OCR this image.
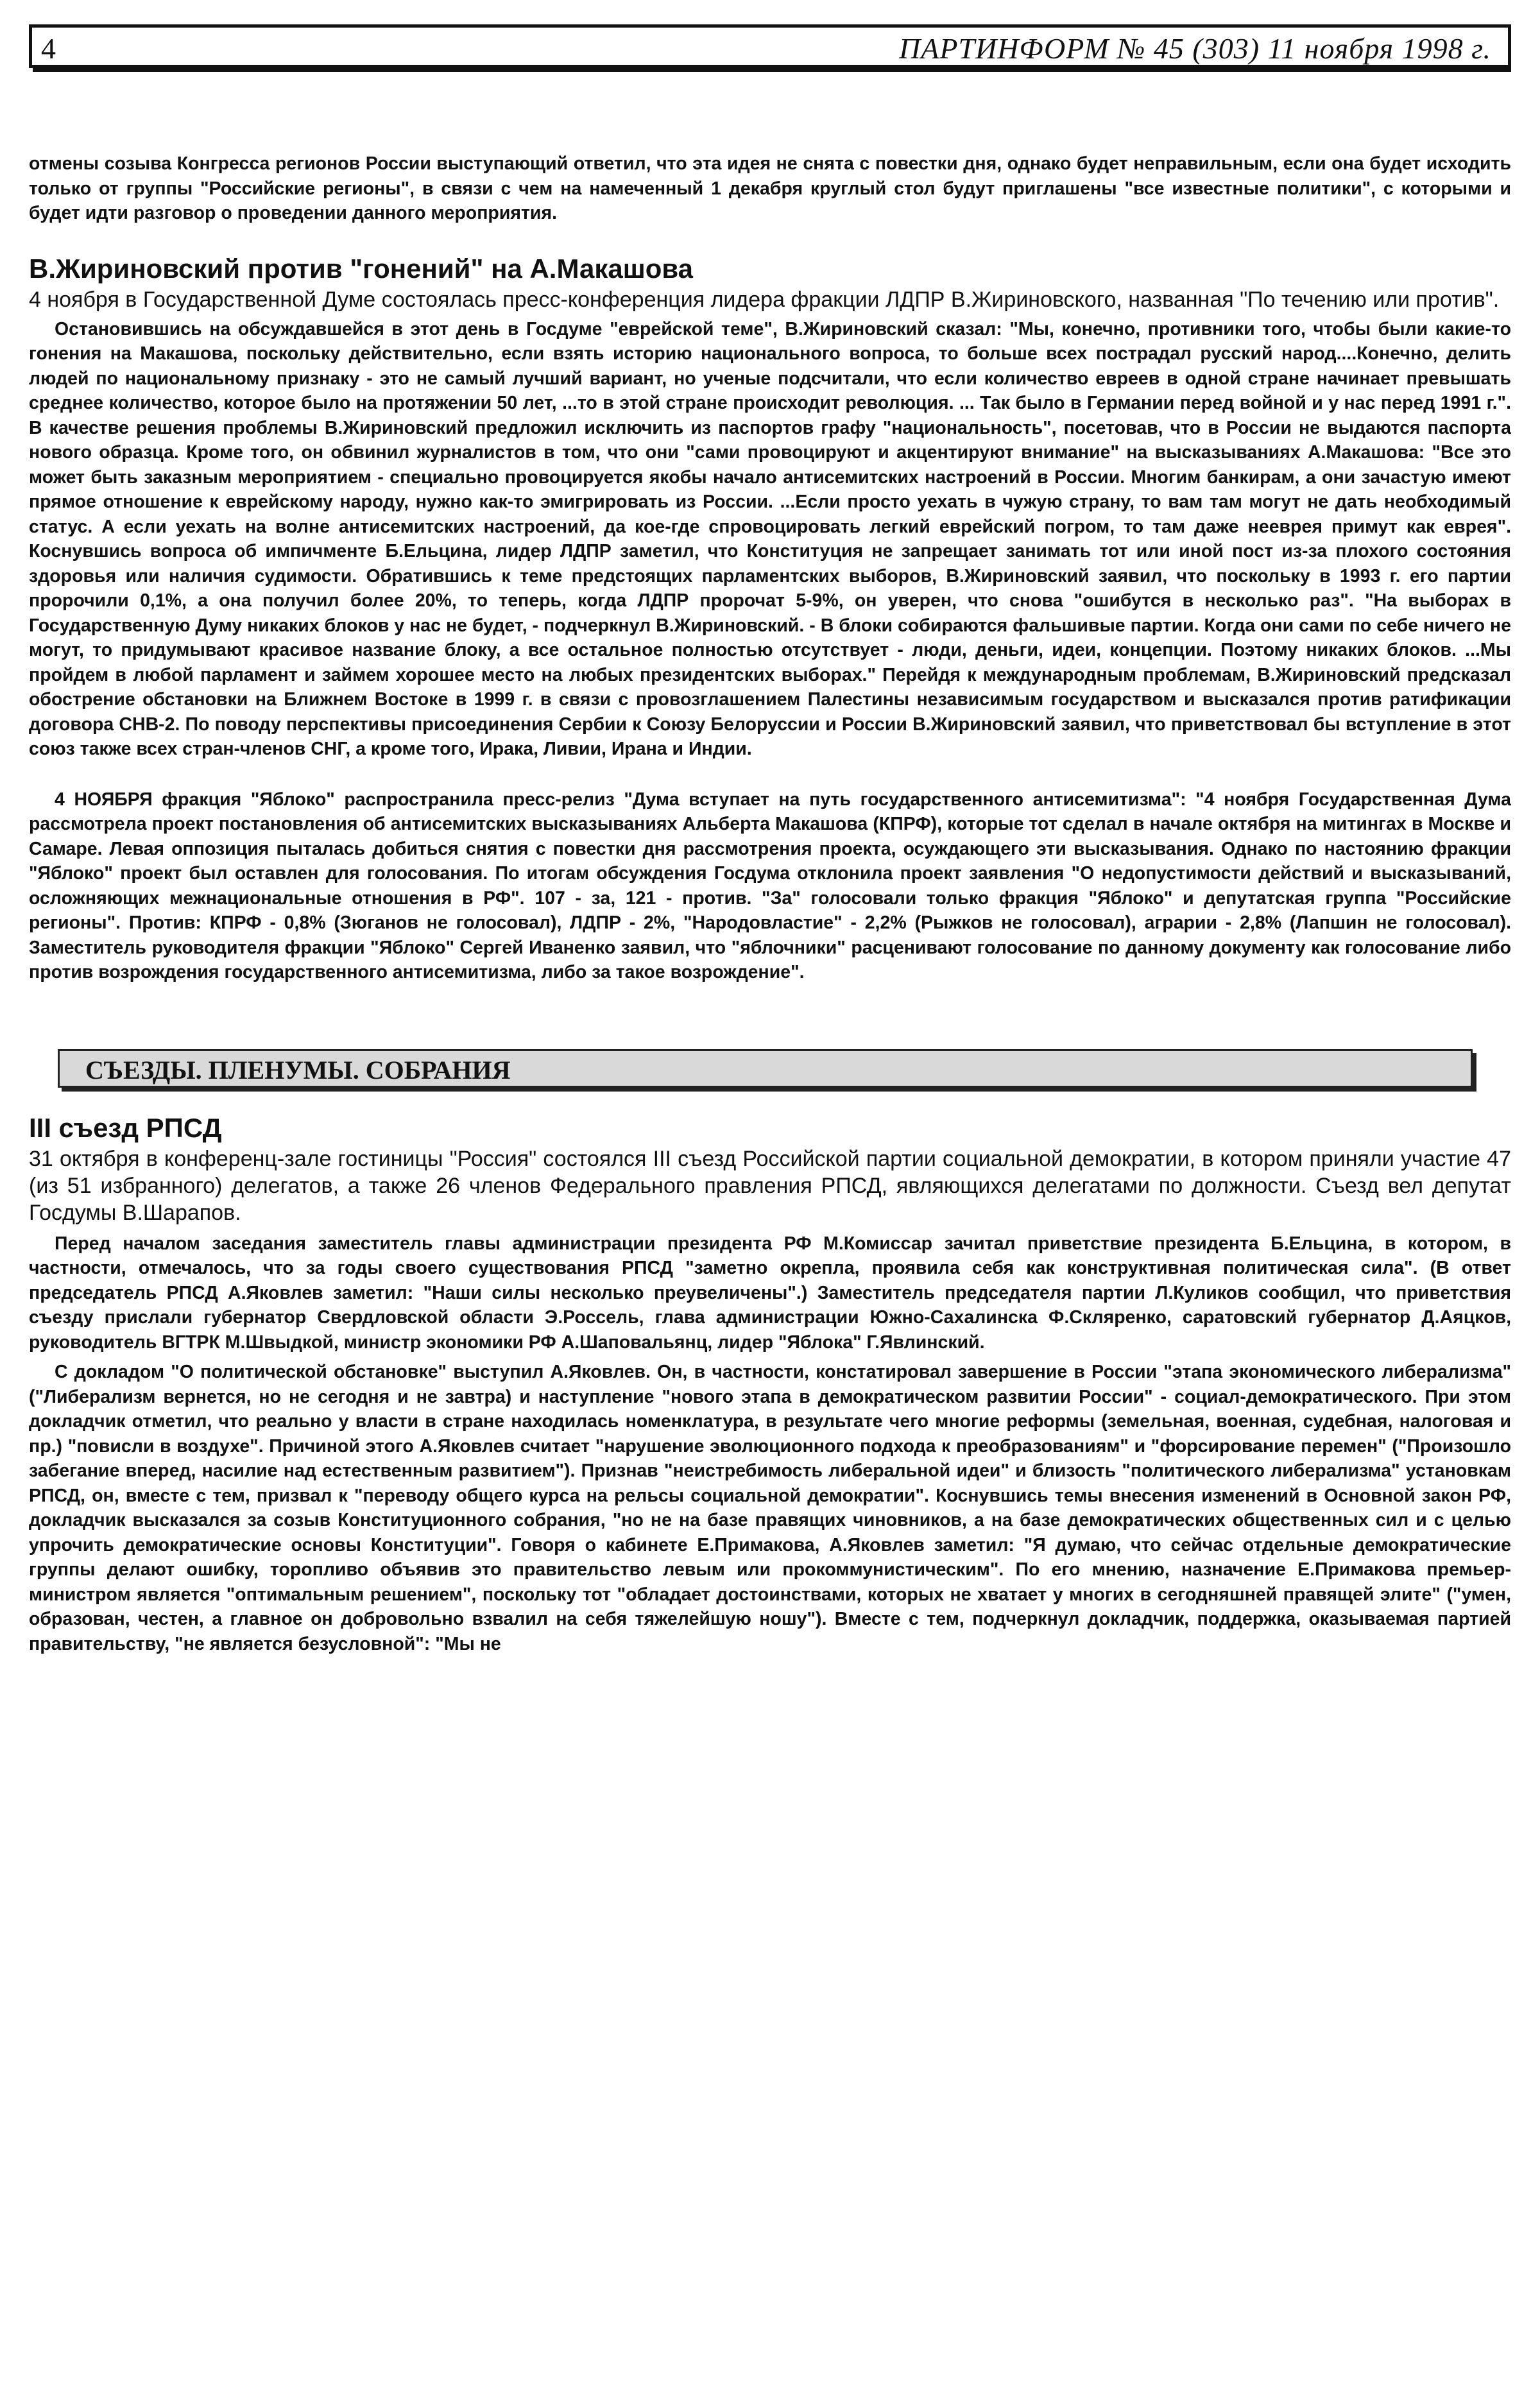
4	ПАРТИНФОРМ № 45 (303) 11 ноября 1998 г.

отмены созыва Конгресса регионов России выступающий ответил, что эта идея не снята с повестки дня, однако будет неправильным, если она будет исходить только от группы "Российские регионы", в связи с чем на намеченный 1 декабря круглый стол будут приглашены "все известные политики", с которыми и будет идти разговор о проведении данного мероприятия.

В.Жириновский против "гонений" на А.Макашова

4 ноября в Государственной Думе состоялась пресс-конференция лидера фракции ЛДПР В.Жириновского, названная "По течению или против".

Остановившись на обсуждавшейся в этот день в Госдуме "еврейской теме", В.Жириновский сказал: "Мы, конечно, противники того, чтобы были какие-то гонения на Макашова, поскольку действительно, если взять историю национального вопроса, то больше всех пострадал русский народ....Конечно, делить людей по национальному признаку - это не самый лучший вариант, но ученые подсчитали, что если количество евреев в одной стране начинает превышать среднее количество, которое было на протяжении 50 лет, ...то в этой стране происходит революция. ... Так было в Германии перед войной и у нас перед 1991 г.". В качестве решения проблемы В.Жириновский предложил исключить из паспортов графу "национальность", посетовав, что в России не выдаются паспорта нового образца. Кроме того, он обвинил журналистов в том, что они "сами провоцируют и акцентируют внимание" на высказываниях А.Макашова: "Все это может быть заказным мероприятием - специально провоцируется якобы начало антисемитских настроений в России. Многим банкирам, а они зачастую имеют прямое отношение к еврейскому народу, нужно как-то эмигрировать из России. ...Если просто уехать в чужую страну, то вам там могут не дать необходимый статус. А если уехать на волне антисемитских настроений, да кое-где спровоцировать легкий еврейский погром, то там даже нееврея примут как еврея". Коснувшись вопроса об импичменте Б.Ельцина, лидер ЛДПР заметил, что Конституция не запрещает занимать тот или иной пост из-за плохого состояния здоровья или наличия судимости. Обратившись к теме предстоящих парламентских выборов, В.Жириновский заявил, что поскольку в 1993 г. его партии пророчили 0,1%, а она получил более 20%, то теперь, когда ЛДПР пророчат 5-9%, он уверен, что снова "ошибутся в несколько раз". "На выборах в Государственную Думу никаких блоков у нас не будет, - подчеркнул В.Жириновский. - В блоки собираются фальшивые партии. Когда они сами по себе ничего не могут, то придумывают красивое название блоку, а все остальное полностью отсутствует - люди, деньги, идеи, концепции. Поэтому никаких блоков. ...Мы пройдем в любой парламент и займем хорошее место на любых президентских выборах." Перейдя к международным проблемам, В.Жириновский предсказал обострение обстановки на Ближнем Востоке в 1999 г. в связи с провозглашением Палестины независимым государством и высказался против ратификации договора СНВ-2. По поводу перспективы присоединения Сербии к Союзу Белоруссии и России В.Жириновский заявил, что приветствовал бы вступление в этот союз также всех стран-членов СНГ, а кроме того, Ирака, Ливии, Ирана и Индии.

4 НОЯБРЯ фракция "Яблоко" распространила пресс-релиз "Дума вступает на путь государственного антисемитизма": "4 ноября Государственная Дума рассмотрела проект постановления об антисемитских высказываниях Альберта Макашова (КПРФ), которые тот сделал в начале октября на митингах в Москве и Самаре. Левая оппозиция пыталась добиться снятия с повестки дня рассмотрения проекта, осуждающего эти высказывания. Однако по настоянию фракции "Яблоко" проект был оставлен для голосования. По итогам обсуждения Госдума отклонила проект заявления "О недопустимости действий и высказываний, осложняющих межнациональные отношения в РФ". 107 - за, 121 - против. "За" голосовали только фракция "Яблоко" и депутатская группа "Российские регионы". Против: КПРФ - 0,8% (Зюганов не голосовал), ЛДПР - 2%, "Народовластие" - 2,2% (Рыжков не голосовал), аграрии - 2,8% (Лапшин не голосовал). Заместитель руководителя фракции "Яблоко" Сергей Иваненко заявил, что "яблочники" расценивают голосование по данному документу как голосование либо против возрождения государственного антисемитизма, либо за такое возрождение".

СЪЕЗДЫ. ПЛЕНУМЫ. СОБРАНИЯ
III съезд РПСД

31 октября в конференц-зале гостиницы "Россия" состоялся III съезд Российской партии социальной демократии, в котором приняли участие 47 (из 51 избранного) делегатов, а также 26 членов Федерального правления РПСД, являющихся делегатами по должности. Съезд вел депутат Госдумы В.Шарапов.

Перед началом заседания заместитель главы администрации президента РФ М.Комиссар зачитал приветствие президента Б.Ельцина, в котором, в частности, отмечалось, что за годы своего существования РПСД "заметно окрепла, проявила себя как конструктивная политическая сила". (В ответ председатель РПСД А.Яковлев заметил: "Наши силы несколько преувеличены".) Заместитель председателя партии Л.Куликов сообщил, что приветствия съезду прислали губернатор Свердловской области Э.Россель, глава администрации Южно-Сахалинска Ф.Скляренко, саратовский губернатор Д.Аяцков, руководитель ВГТРК М.Швыдкой, министр экономики РФ А.Шаповальянц, лидер "Яблока" Г.Явлинский.

С докладом "О политической обстановке" выступил А.Яковлев. Он, в частности, констатировал завершение в России "этапа экономического либерализма" ("Либерализм вернется, но не сегодня и не завтра) и наступление "нового этапа в демократическом развитии России" - социал-демократического. При этом докладчик отметил, что реально у власти в стране находилась номенклатура, в результате чего многие реформы (земельная, военная, судебная, налоговая и пр.) "повисли в воздухе". Причиной этого А.Яковлев считает "нарушение эволюционного подхода к преобразованиям" и "форсирование перемен" ("Произошло забегание вперед, насилие над естественным развитием"). Признав "неистребимость либеральной идеи" и близость "политического либерализма" установкам РПСД, он, вместе с тем, призвал к "переводу общего курса на рельсы социальной демократии". Коснувшись темы внесения изменений в Основной закон РФ, докладчик высказался за созыв Конституционного собрания, "но не на базе правящих чиновников, а на базе демократических общественных сил и с целью упрочить демократические основы Конституции". Говоря о кабинете Е.Примакова, А.Яковлев заметил: "Я думаю, что сейчас отдельные демократические группы делают ошибку, торопливо объявив это правительство левым или прокоммунистическим". По его мнению, назначение Е.Примакова премьер-министром является "оптимальным решением", поскольку тот "обладает достоинствами, которых не хватает у многих в сегодняшней правящей элите" ("умен, образован, честен, а главное он добровольно взвалил на себя тяжелейшую ношу"). Вместе с тем, подчеркнул докладчик, поддержка, оказываемая партией правительству, "не является безусловной": "Мы не
